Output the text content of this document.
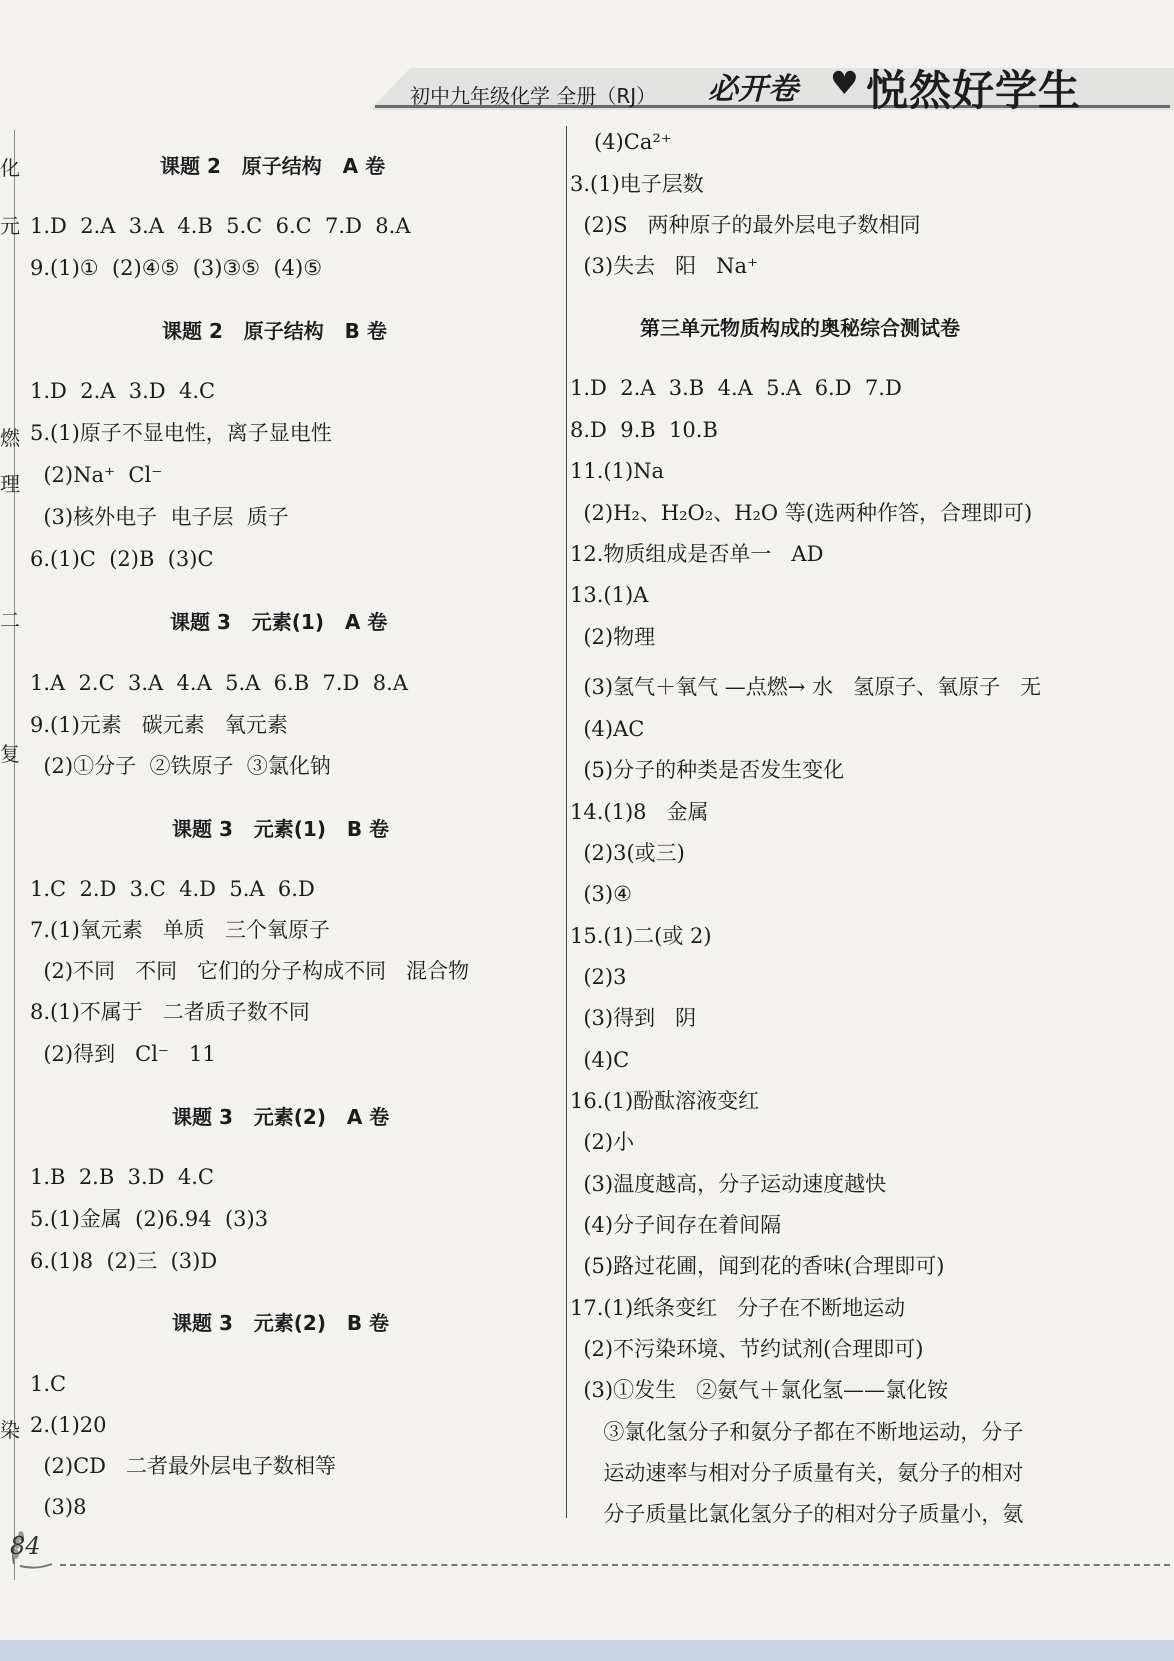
初中九年级化学 全册（RJ） 必开卷 ♥ 悦然好学生
化
元
燃
理
二
复
染
课题 2   原子结构   A 卷
1.D  2.A  3.A  4.B  5.C  6.C  7.D  8.A
9.(1)①  (2)④⑤  (3)③⑤  (4)⑤
课题 2   原子结构   B 卷
1.D  2.A  3.D  4.C
5.(1)原子不显电性，离子显电性
(2)Na⁺  Cl⁻
(3)核外电子  电子层  质子
6.(1)C  (2)B  (3)C
课题 3   元素(1)   A 卷
1.A  2.C  3.A  4.A  5.A  6.B  7.D  8.A
9.(1)元素   碳元素   氧元素
(2)①分子  ②铁原子  ③氯化钠
课题 3   元素(1)   B 卷
1.C  2.D  3.C  4.D  5.A  6.D
7.(1)氧元素   单质   三个氧原子
(2)不同   不同   它们的分子构成不同   混合物
8.(1)不属于   二者质子数不同
(2)得到   Cl⁻   11
课题 3   元素(2)   A 卷
1.B  2.B  3.D  4.C
5.(1)金属  (2)6.94  (3)3
6.(1)8  (2)三  (3)D
课题 3   元素(2)   B 卷
1.C
2.(1)20
(2)CD   二者最外层电子数相等
(3)8
(4)Ca²⁺
3.(1)电子层数
(2)S   两种原子的最外层电子数相同
(3)失去   阳   Na⁺
第三单元物质构成的奥秘综合测试卷
1.D  2.A  3.B  4.A  5.A  6.D  7.D
8.D  9.B  10.B
11.(1)Na
(2)H₂、H₂O₂、H₂O 等(选两种作答，合理即可)
12.物质组成是否单一   AD
13.(1)A
(2)物理
(3)氢气＋氧气 —点燃→ 水   氢原子、氧原子   无
(4)AC
(5)分子的种类是否发生变化
14.(1)8   金属
(2)3(或三)
(3)④
15.(1)二(或 2)
(2)3
(3)得到   阴
(4)C
16.(1)酚酞溶液变红
(2)小
(3)温度越高，分子运动速度越快
(4)分子间存在着间隔
(5)路过花圃，闻到花的香味(合理即可)
17.(1)纸条变红   分子在不断地运动
(2)不污染环境、节约试剂(合理即可)
(3)①发生   ②氨气＋氯化氢——氯化铵
③氯化氢分子和氨分子都在不断地运动，分子
运动速率与相对分子质量有关，氨分子的相对
分子质量比氯化氢分子的相对分子质量小，氨
84
